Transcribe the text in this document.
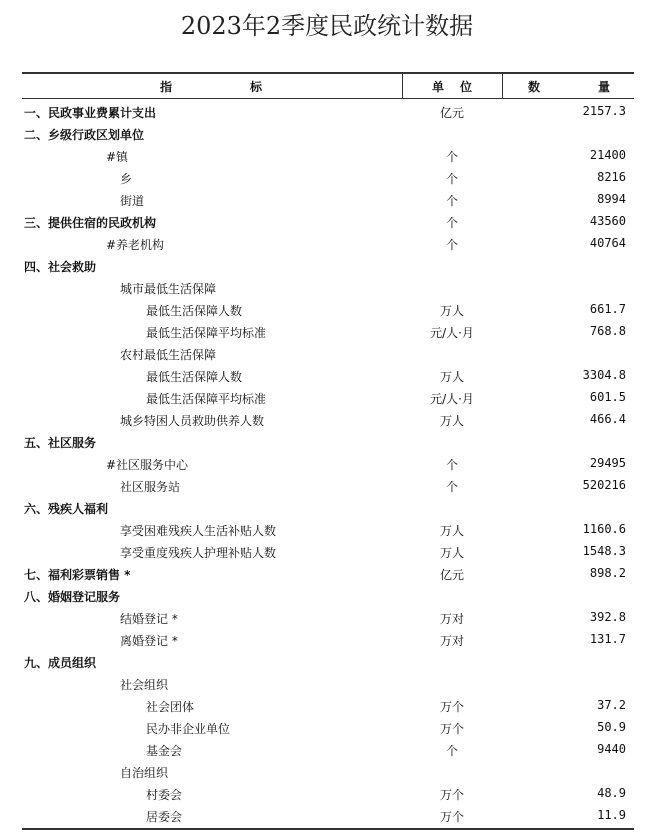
2023年2季度民政统计数据
指	标	单 位	数	量
一、民政事业费累计支出	亿元	2157.3
二、乡级行政区划单位
#镇	个	21400
乡	个	8216
街道	个	8994
三、提供住宿的民政机构	个	43560
#养老机构	个	40764
四、社会救助
城市最低生活保障
最低生活保障人数	万人	661.7
最低生活保障平均标准	元/人·月	768.8
农村最低生活保障
最低生活保障人数	万人	3304.8
最低生活保障平均标准	元/人·月	601.5
城乡特困人员救助供养人数	万人	466.4
五、社区服务
#社区服务中心	个	29495
社区服务站	个	520216
六、残疾人福利
享受困难残疾人生活补贴人数	万人	1160.6
享受重度残疾人护理补贴人数	万人	1548.3
七、福利彩票销售 *	亿元	898.2
八、婚姻登记服务
结婚登记 *	万对	392.8
离婚登记 *	万对	131.7
九、成员组织
社会组织
社会团体	万个	37.2
民办非企业单位	万个	50.9
基金会	个	9440
自治组织
村委会	万个	48.9
居委会	万个	11.9
